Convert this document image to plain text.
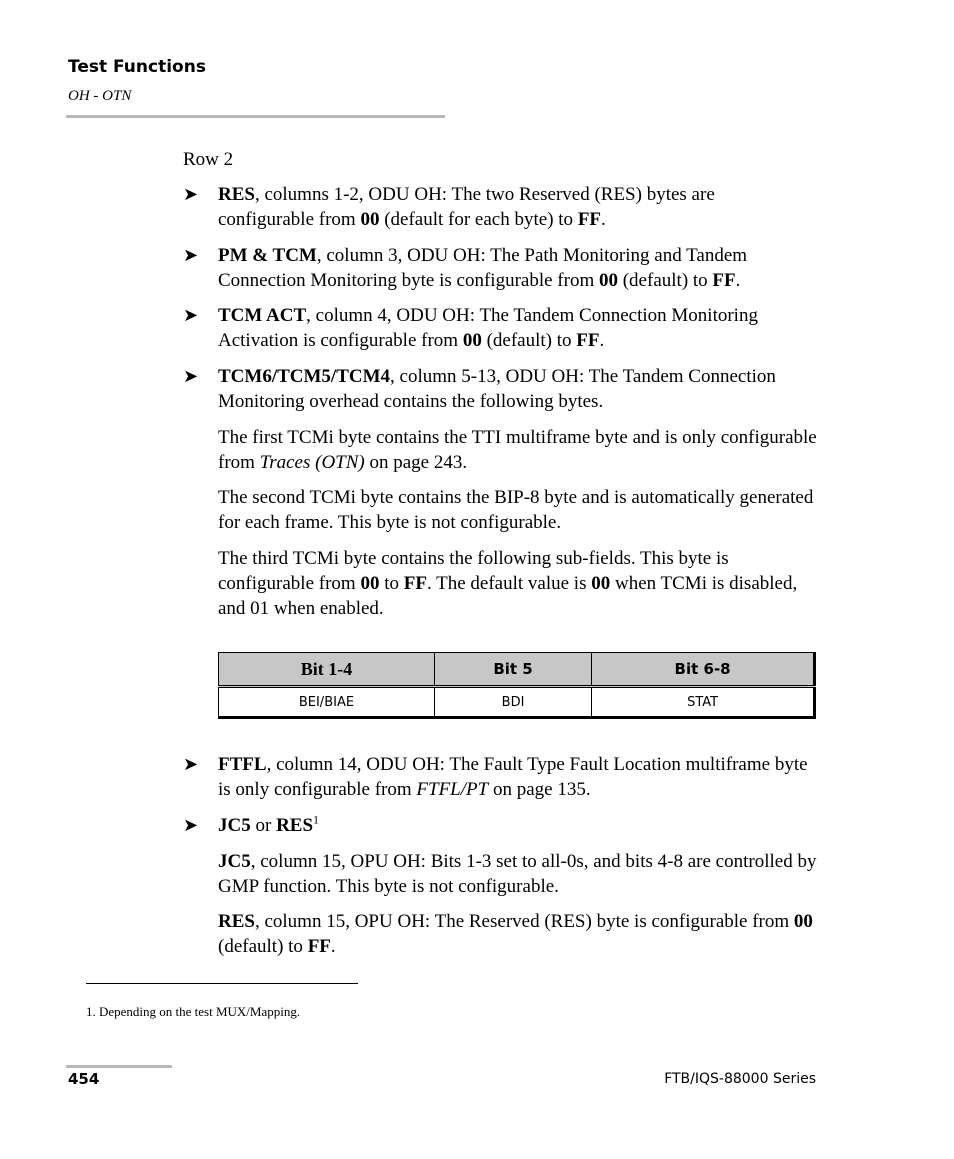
Test Functions
OH - OTN
Row 2
➤ RES, columns 1-2, ODU OH: The two Reserved (RES) bytes are configurable from 00 (default for each byte) to FF.
➤ PM & TCM, column 3, ODU OH: The Path Monitoring and Tandem Connection Monitoring byte is configurable from 00 (default) to FF.
➤ TCM ACT, column 4, ODU OH: The Tandem Connection Monitoring Activation is configurable from 00 (default) to FF.
➤ TCM6/TCM5/TCM4, column 5-13, ODU OH: The Tandem Connection Monitoring overhead contains the following bytes.

The first TCMi byte contains the TTI multiframe byte and is only configurable from Traces (OTN) on page 243.

The second TCMi byte contains the BIP-8 byte and is automatically generated for each frame. This byte is not configurable.

The third TCMi byte contains the following sub-fields. This byte is configurable from 00 to FF. The default value is 00 when TCMi is disabled, and 01 when enabled.

Bit 1-4	Bit 5	Bit 6-8
BEI/BIAE	BDI	STAT
➤ FTFL, column 14, ODU OH: The Fault Type Fault Location multiframe byte is only configurable from FTFL/PT on page 135.
➤ JC5 or RES$^1$

JC5, column 15, OPU OH: Bits 1-3 set to all-0s, and bits 4-8 are controlled by GMP function. This byte is not configurable.

RES, column 15, OPU OH: The Reserved (RES) byte is configurable from 00 (default) to FF.

1. Depending on the test MUX/Mapping.
454	FTB/IQS-88000 Series
